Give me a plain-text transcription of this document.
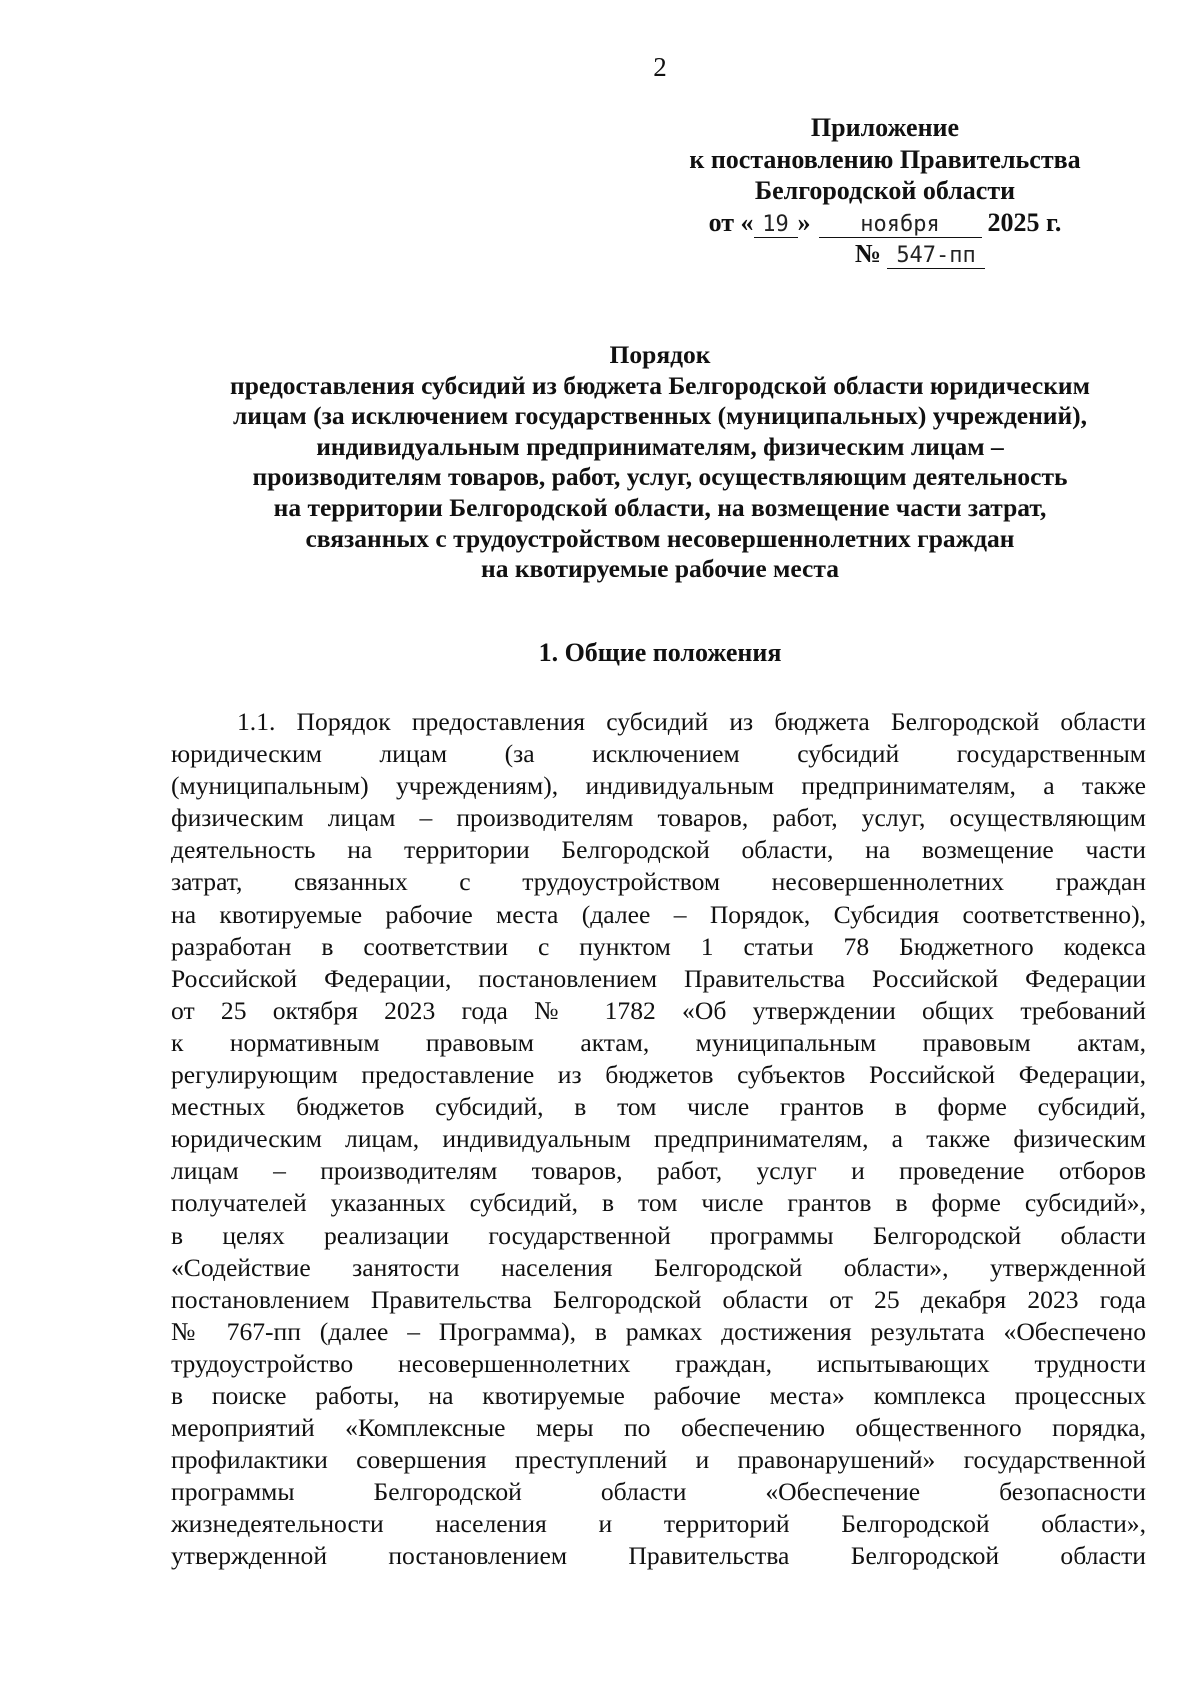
2
Приложение
к постановлению Правительства
Белгородской области
от « 19 » ноября 2025 г.
№ 547-пп
Порядок
предоставления субсидий из бюджета Белгородской области юридическим
лицам (за исключением государственных (муниципальных) учреждений),
индивидуальным предпринимателям, физическим лицам –
производителям товаров, работ, услуг, осуществляющим деятельность
на территории Белгородской области, на возмещение части затрат,
связанных с трудоустройством несовершеннолетних граждан
на квотируемые рабочие места
1. Общие положения
1.1. Порядок предоставления субсидий из бюджета Белгородской области
юридическим лицам (за исключением субсидий государственным
(муниципальным) учреждениям), индивидуальным предпринимателям, а также
физическим лицам – производителям товаров, работ, услуг, осуществляющим
деятельность на территории Белгородской области, на возмещение части
затрат, связанных с трудоустройством несовершеннолетних граждан
на квотируемые рабочие места (далее – Порядок, Субсидия соответственно),
разработан в соответствии с пунктом 1 статьи 78 Бюджетного кодекса
Российской Федерации, постановлением Правительства Российской Федерации
от 25 октября 2023 года № 1782 «Об утверждении общих требований
к нормативным правовым актам, муниципальным правовым актам,
регулирующим предоставление из бюджетов субъектов Российской Федерации,
местных бюджетов субсидий, в том числе грантов в форме субсидий,
юридическим лицам, индивидуальным предпринимателям, а также физическим
лицам – производителям товаров, работ, услуг и проведение отборов
получателей указанных субсидий, в том числе грантов в форме субсидий»,
в целях реализации государственной программы Белгородской области
«Содействие занятости населения Белгородской области», утвержденной
постановлением Правительства Белгородской области от 25 декабря 2023 года
№ 767-пп (далее – Программа), в рамках достижения результата «Обеспечено
трудоустройство несовершеннолетних граждан, испытывающих трудности
в поиске работы, на квотируемые рабочие места» комплекса процессных
мероприятий «Комплексные меры по обеспечению общественного порядка,
профилактики совершения преступлений и правонарушений» государственной
программы Белгородской области «Обеспечение безопасности
жизнедеятельности населения и территорий Белгородской области»,
утвержденной постановлением Правительства Белгородской области
